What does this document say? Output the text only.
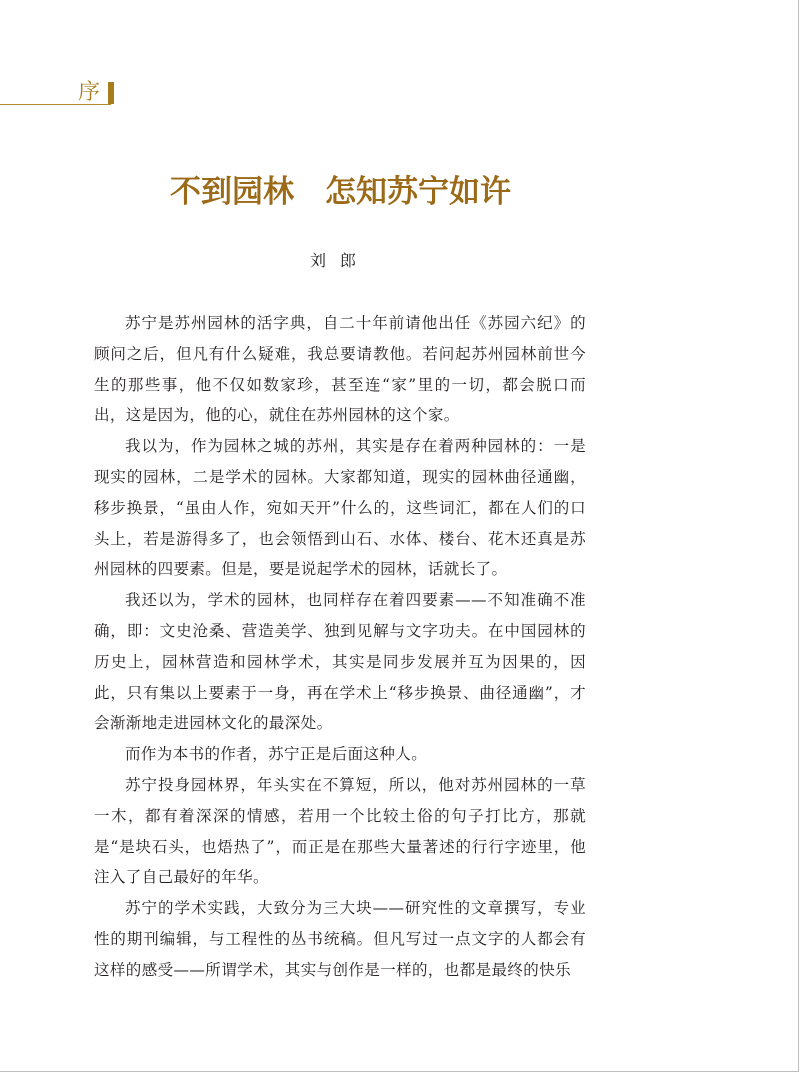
序
不到园林　怎知苏宁如许
刘郎

苏宁是苏州园林的活字典，自二十年前请他出任《苏园六纪》的顾问之后，但凡有什么疑难，我总要请教他。若问起苏州园林前世今生的那些事，他不仅如数家珍，甚至连“家”里的一切，都会脱口而出，这是因为，他的心，就住在苏州园林的这个家。

我以为，作为园林之城的苏州，其实是存在着两种园林的：一是现实的园林，二是学术的园林。大家都知道，现实的园林曲径通幽，移步换景，“虽由人作，宛如天开”什么的，这些词汇，都在人们的口头上，若是游得多了，也会领悟到山石、水体、楼台、花木还真是苏州园林的四要素。但是，要是说起学术的园林，话就长了。

我还以为，学术的园林，也同样存在着四要素——不知准确不准确，即：文史沧桑、营造美学、独到见解与文字功夫。在中国园林的历史上，园林营造和园林学术，其实是同步发展并互为因果的，因此，只有集以上要素于一身，再在学术上“移步换景、曲径通幽”，才会渐渐地走进园林文化的最深处。

而作为本书的作者，苏宁正是后面这种人。

苏宁投身园林界，年头实在不算短，所以，他对苏州园林的一草一木，都有着深深的情感，若用一个比较土俗的句子打比方，那就是“是块石头，也焐热了”，而正是在那些大量著述的行行字迹里，他注入了自己最好的年华。

苏宁的学术实践，大致分为三大块——研究性的文章撰写，专业性的期刊编辑，与工程性的丛书统稿。但凡写过一点文字的人都会有这样的感受——所谓学术，其实与创作是一样的，也都是最终的快乐
